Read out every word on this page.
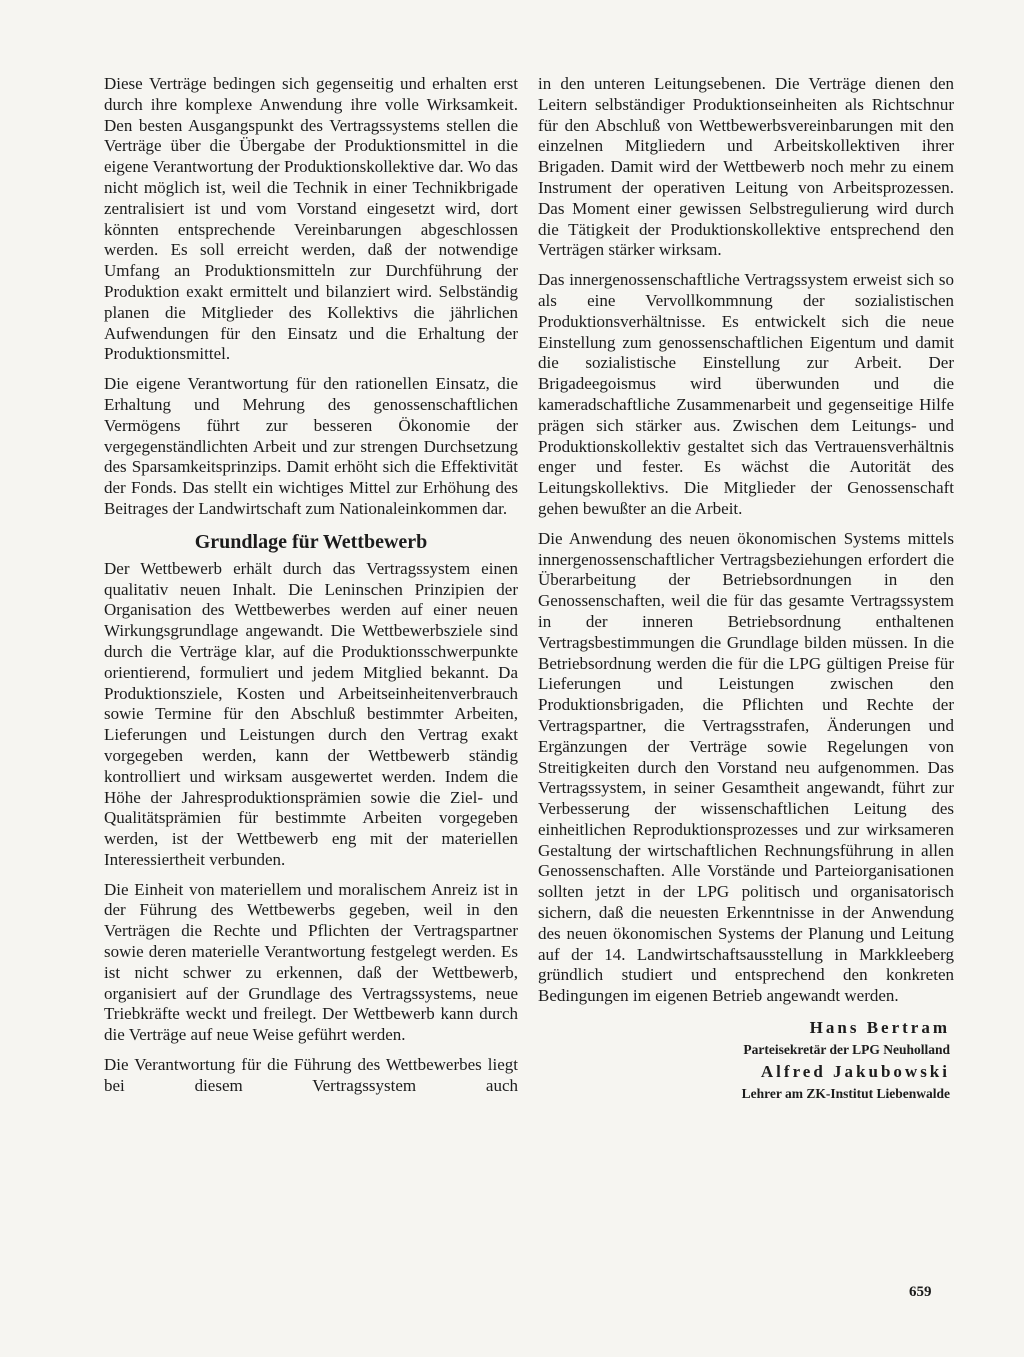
Diese Verträge bedingen sich gegenseitig und erhalten erst durch ihre komplexe Anwendung ihre volle Wirksamkeit. Den besten Ausgangspunkt des Vertragssystems stellen die Verträge über die Übergabe der Produktionsmittel in die eigene Verantwortung der Produktionskollektive dar. Wo das nicht möglich ist, weil die Technik in einer Technikbrigade zentralisiert ist und vom Vorstand eingesetzt wird, dort könnten entsprechende Vereinbarungen abgeschlossen werden. Es soll erreicht werden, daß der notwendige Umfang an Produktionsmitteln zur Durchführung der Produktion exakt ermittelt und bilanziert wird. Selbständig planen die Mitglieder des Kollektivs die jährlichen Aufwendungen für den Einsatz und die Erhaltung der Produktionsmittel.

Die eigene Verantwortung für den rationellen Einsatz, die Erhaltung und Mehrung des genossenschaftlichen Vermögens führt zur besseren Ökonomie der vergegenständlichten Arbeit und zur strengen Durchsetzung des Sparsamkeitsprinzips. Damit erhöht sich die Effektivität der Fonds. Das stellt ein wichtiges Mittel zur Erhöhung des Beitrages der Landwirtschaft zum Nationaleinkommen dar.

Grundlage für Wettbewerb

Der Wettbewerb erhält durch das Vertragssystem einen qualitativ neuen Inhalt. Die Leninschen Prinzipien der Organisation des Wettbewerbes werden auf einer neuen Wirkungsgrundlage angewandt. Die Wettbewerbsziele sind durch die Verträge klar, auf die Produktionsschwerpunkte orientierend, formuliert und jedem Mitglied bekannt. Da Produktionsziele, Kosten und Arbeitseinheitenverbrauch sowie Termine für den Abschluß bestimmter Arbeiten, Lieferungen und Leistungen durch den Vertrag exakt vorgegeben werden, kann der Wettbewerb ständig kontrolliert und wirksam ausgewertet werden. Indem die Höhe der Jahresproduktionsprämien sowie die Ziel- und Qualitätsprämien für bestimmte Arbeiten vorgegeben werden, ist der Wettbewerb eng mit der materiellen Interessiertheit verbunden.

Die Einheit von materiellem und moralischem Anreiz ist in der Führung des Wettbewerbs gegeben, weil in den Verträgen die Rechte und Pflichten der Vertragspartner sowie deren materielle Verantwortung festgelegt werden. Es ist nicht schwer zu erkennen, daß der Wettbewerb, organisiert auf der Grundlage des Vertragssystems, neue Triebkräfte weckt und freilegt. Der Wettbewerb kann durch die Verträge auf neue Weise geführt werden.

Die Verantwortung für die Führung des Wettbewerbes liegt bei diesem Vertragssystem auch

in den unteren Leitungsebenen. Die Verträge dienen den Leitern selbständiger Produktionseinheiten als Richtschnur für den Abschluß von Wettbewerbsvereinbarungen mit den einzelnen Mitgliedern und Arbeitskollektiven ihrer Brigaden. Damit wird der Wettbewerb noch mehr zu einem Instrument der operativen Leitung von Arbeitsprozessen. Das Moment einer gewissen Selbstregulierung wird durch die Tätigkeit der Produktionskollektive entsprechend den Verträgen stärker wirksam.

Das innergenossenschaftliche Vertragssystem erweist sich so als eine Vervollkommnung der sozialistischen Produktionsverhältnisse. Es entwickelt sich die neue Einstellung zum genossenschaftlichen Eigentum und damit die sozialistische Einstellung zur Arbeit. Der Brigadeegoismus wird überwunden und die kameradschaftliche Zusammenarbeit und gegenseitige Hilfe prägen sich stärker aus. Zwischen dem Leitungs- und Produktionskollektiv gestaltet sich das Vertrauensverhältnis enger und fester. Es wächst die Autorität des Leitungskollektivs. Die Mitglieder der Genossenschaft gehen bewußter an die Arbeit.

Die Anwendung des neuen ökonomischen Systems mittels innergenossenschaftlicher Vertragsbeziehungen erfordert die Überarbeitung der Betriebsordnungen in den Genossenschaften, weil die für das gesamte Vertragssystem in der inneren Betriebsordnung enthaltenen Vertragsbestimmungen die Grundlage bilden müssen. In die Betriebsordnung werden die für die LPG gültigen Preise für Lieferungen und Leistungen zwischen den Produktionsbrigaden, die Pflichten und Rechte der Vertragspartner, die Vertragsstrafen, Änderungen und Ergänzungen der Verträge sowie Regelungen von Streitigkeiten durch den Vorstand neu aufgenommen. Das Vertragssystem, in seiner Gesamtheit angewandt, führt zur Verbesserung der wissenschaftlichen Leitung des einheitlichen Reproduktionsprozesses und zur wirksameren Gestaltung der wirtschaftlichen Rechnungsführung in allen Genossenschaften. Alle Vorstände und Parteiorganisationen sollten jetzt in der LPG politisch und organisatorisch sichern, daß die neuesten Erkenntnisse in der Anwendung des neuen ökonomischen Systems der Planung und Leitung auf der 14. Landwirtschaftsausstellung in Markkleeberg gründlich studiert und entsprechend den konkreten Bedingungen im eigenen Betrieb angewandt werden.

Hans Bertram
Parteisekretär der LPG Neuholland
Alfred Jakubowski
Lehrer am ZK-Institut Liebenwalde
659
